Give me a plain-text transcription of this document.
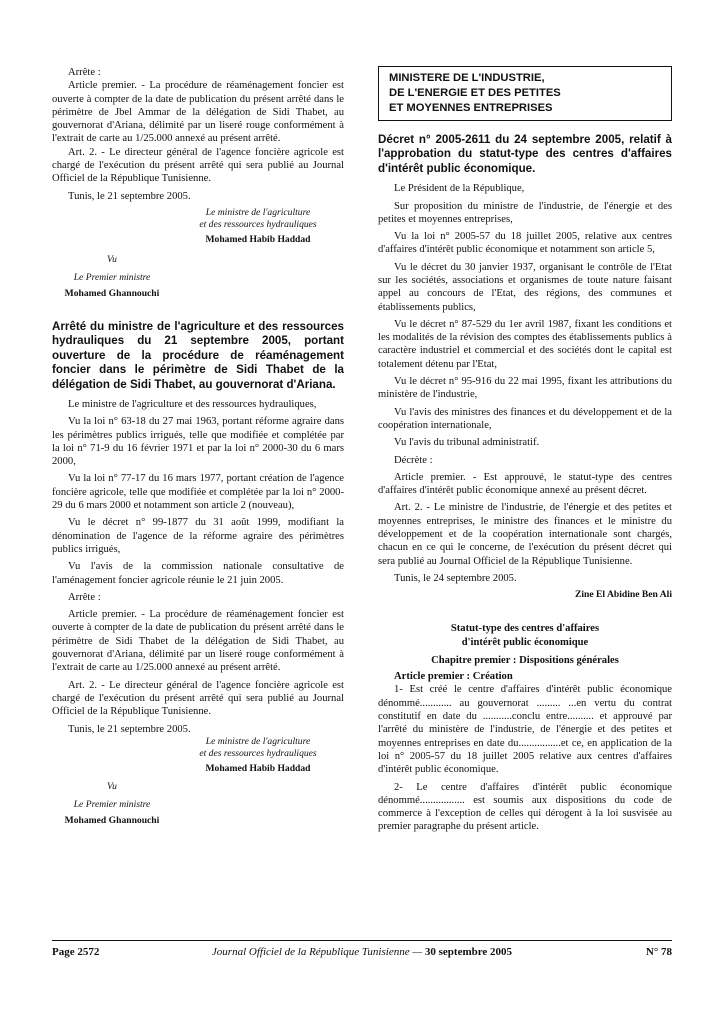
Arrête :

Article premier. - La procédure de réaménagement foncier est ouverte à compter de la date de publication du présent arrêté dans le périmètre de Jbel Ammar de la délégation de Sidi Thabet, au gouvernorat d'Ariana, délimité par un liseré rouge conformément à l'extrait de carte au 1/25.000 annexé au présent arrêté.

Art. 2. - Le directeur général de l'agence foncière agricole est chargé de l'exécution du présent arrêté qui sera publié au Journal Officiel de la République Tunisienne.

Tunis, le 21 septembre 2005.

Le ministre de l'agriculture
et des ressources hydrauliques
Mohamed Habib Haddad
Vu
Le Premier ministre
Mohamed Ghannouchi
Arrêté du ministre de l'agriculture et des ressources hydrauliques du 21 septembre 2005, portant ouverture de la procédure de réaménagement foncier dans le périmètre de Sidi Thabet de la délégation de Sidi Thabet, au gouvernorat d'Ariana.

Le ministre de l'agriculture et des ressources hydrauliques,

Vu la loi n° 63-18 du 27 mai 1963, portant réforme agraire dans les périmètres publics irrigués, telle que modifiée et complétée par la loi n° 71-9 du 16 février 1971 et par la loi n° 2000-30 du 6 mars 2000,

Vu la loi n° 77-17 du 16 mars 1977, portant création de l'agence foncière agricole, telle que modifiée et complétée par la loi n° 2000-29 du 6 mars 2000 et notamment son article 2 (nouveau),

Vu le décret n° 99-1877 du 31 août 1999, modifiant la dénomination de l'agence de la réforme agraire des périmètres publics irrigués,

Vu l'avis de la commission nationale consultative de l'aménagement foncier agricole réunie le 21 juin 2005.

Arrête :

Article premier. - La procédure de réaménagement foncier est ouverte à compter de la date de publication du présent arrêté dans le périmètre de Sidi Thabet de la délégation de Sidi Thabet, au gouvernorat d'Ariana, délimité par un liseré rouge conformément à l'extrait de carte au 1/25.000 annexé au présent arrêté.

Art. 2. - Le directeur général de l'agence foncière agricole est chargé de l'exécution du présent arrêté qui sera publié au Journal Officiel de la République Tunisienne.

Tunis, le 21 septembre 2005.

Le ministre de l'agriculture
et des ressources hydrauliques
Mohamed Habib Haddad
Vu
Le Premier ministre
Mohamed Ghannouchi
MINISTERE DE L'INDUSTRIE,
DE L'ENERGIE ET DES PETITES
ET MOYENNES ENTREPRISES
Décret n° 2005-2611 du 24 septembre 2005, relatif à l'approbation du statut-type des centres d'affaires d'intérêt public économique.

Le Président de la République,

Sur proposition du ministre de l'industrie, de l'énergie et des petites et moyennes entreprises,

Vu la loi n° 2005-57 du 18 juillet 2005, relative aux centres d'affaires d'intérêt public économique et notamment son article 5,

Vu le décret du 30 janvier 1937, organisant le contrôle de l'Etat sur les sociétés, associations et organismes de toute nature faisant appel au concours de l'Etat, des régions, des communes et établissements publics,

Vu le décret n° 87-529 du 1er avril 1987, fixant les conditions et les modalités de la révision des comptes des établissements publics à caractère industriel et commercial et des sociétés dont le capital est totalement détenu par l'Etat,

Vu le décret n° 95-916 du 22 mai 1995, fixant les attributions du ministère de l'industrie,

Vu l'avis des ministres des finances et du développement et de la coopération internationale,

Vu l'avis du tribunal administratif.

Décrète :

Article premier. - Est approuvé, le statut-type des centres d'affaires d'intérêt public économique annexé au présent décret.

Art. 2. - Le ministre de l'industrie, de l'énergie et des petites et moyennes entreprises, le ministre des finances et le ministre du développement et de la coopération internationale sont chargés, chacun en ce qui le concerne, de l'exécution du présent décret qui sera publié au Journal Officiel de la République Tunisienne.

Tunis, le 24 septembre 2005.

Zine El Abidine Ben Ali
Statut-type des centres d'affaires
d'intérêt public économique

Chapitre premier : Dispositions générales

Article premier : Création

1- Est créé le centre d'affaires d'intérêt public économique dénommé............ au gouvernorat ......... ...en vertu du contrat constitutif en date du ...........conclu entre.......... et approuvé par l'arrêté du ministère de l'industrie, de l'énergie et des petites et moyennes entreprises en date du................et ce, en application de la loi n° 2005-57 du 18 juillet 2005 relative aux centres d'affaires d'intérêt public économique.

2- Le centre d'affaires d'intérêt public économique dénommé................. est soumis aux dispositions du code de commerce à l'exception de celles qui dérogent à la loi susvisée au premier paragraphe du présent article.

Page 2572	Journal Officiel de la République Tunisienne — 30 septembre 2005	N° 78
